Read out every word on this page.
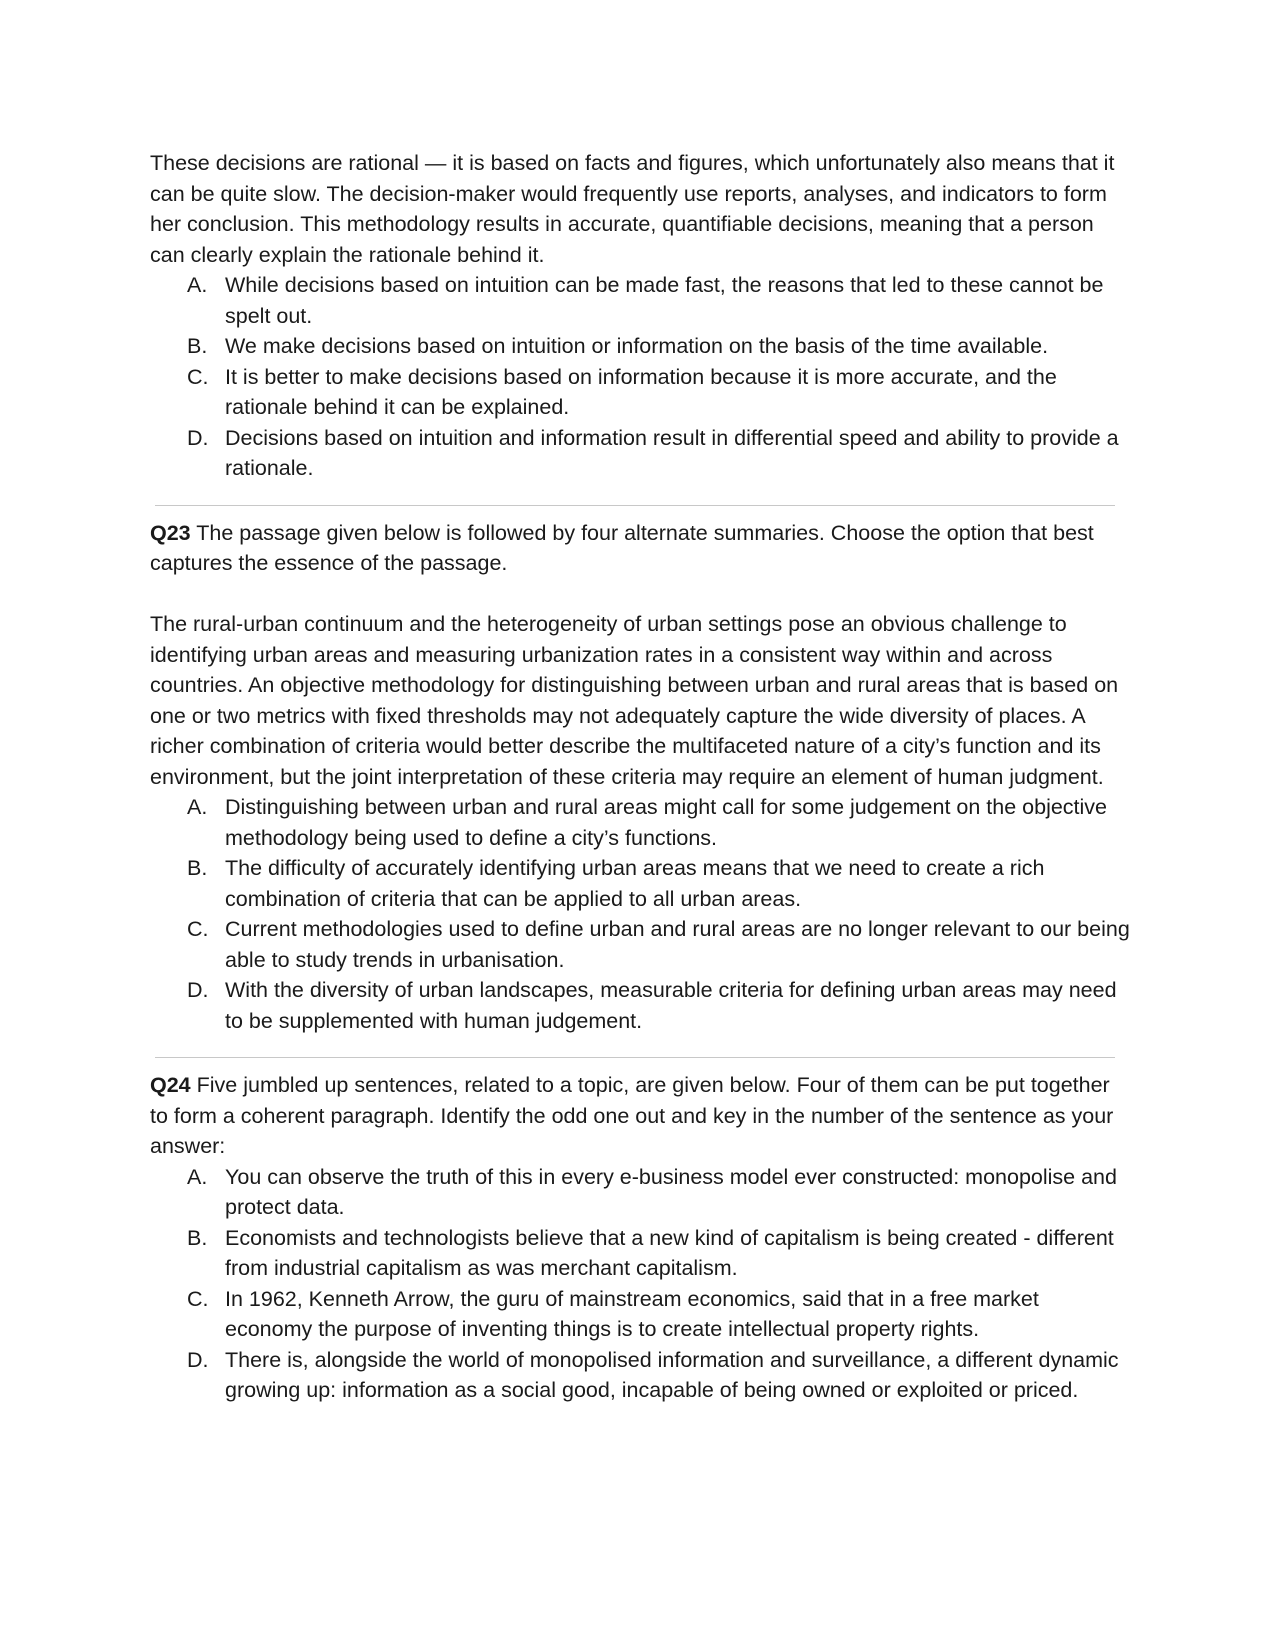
These decisions are rational — it is based on facts and figures, which unfortunately also means that it can be quite slow. The decision-maker would frequently use reports, analyses, and indicators to form her conclusion. This methodology results in accurate, quantifiable decisions, meaning that a person can clearly explain the rationale behind it.

A. While decisions based on intuition can be made fast, the reasons that led to these cannot be spelt out.
B. We make decisions based on intuition or information on the basis of the time available.
C. It is better to make decisions based on information because it is more accurate, and the rationale behind it can be explained.
D. Decisions based on intuition and information result in differential speed and ability to provide a rationale.

Q23 The passage given below is followed by four alternate summaries. Choose the option that best captures the essence of the passage.

The rural-urban continuum and the heterogeneity of urban settings pose an obvious challenge to identifying urban areas and measuring urbanization rates in a consistent way within and across countries. An objective methodology for distinguishing between urban and rural areas that is based on one or two metrics with fixed thresholds may not adequately capture the wide diversity of places. A richer combination of criteria would better describe the multifaceted nature of a city’s function and its environment, but the joint interpretation of these criteria may require an element of human judgment.

A. Distinguishing between urban and rural areas might call for some judgement on the objective methodology being used to define a city’s functions.
B. The difficulty of accurately identifying urban areas means that we need to create a rich combination of criteria that can be applied to all urban areas.
C. Current methodologies used to define urban and rural areas are no longer relevant to our being able to study trends in urbanisation.
D. With the diversity of urban landscapes, measurable criteria for defining urban areas may need to be supplemented with human judgement.

Q24 Five jumbled up sentences, related to a topic, are given below. Four of them can be put together to form a coherent paragraph. Identify the odd one out and key in the number of the sentence as your answer:

A. You can observe the truth of this in every e-business model ever constructed: monopolise and protect data.
B. Economists and technologists believe that a new kind of capitalism is being created - different from industrial capitalism as was merchant capitalism.
C. In 1962, Kenneth Arrow, the guru of mainstream economics, said that in a free market economy the purpose of inventing things is to create intellectual property rights.
D. There is, alongside the world of monopolised information and surveillance, a different dynamic growing up: information as a social good, incapable of being owned or exploited or priced.
